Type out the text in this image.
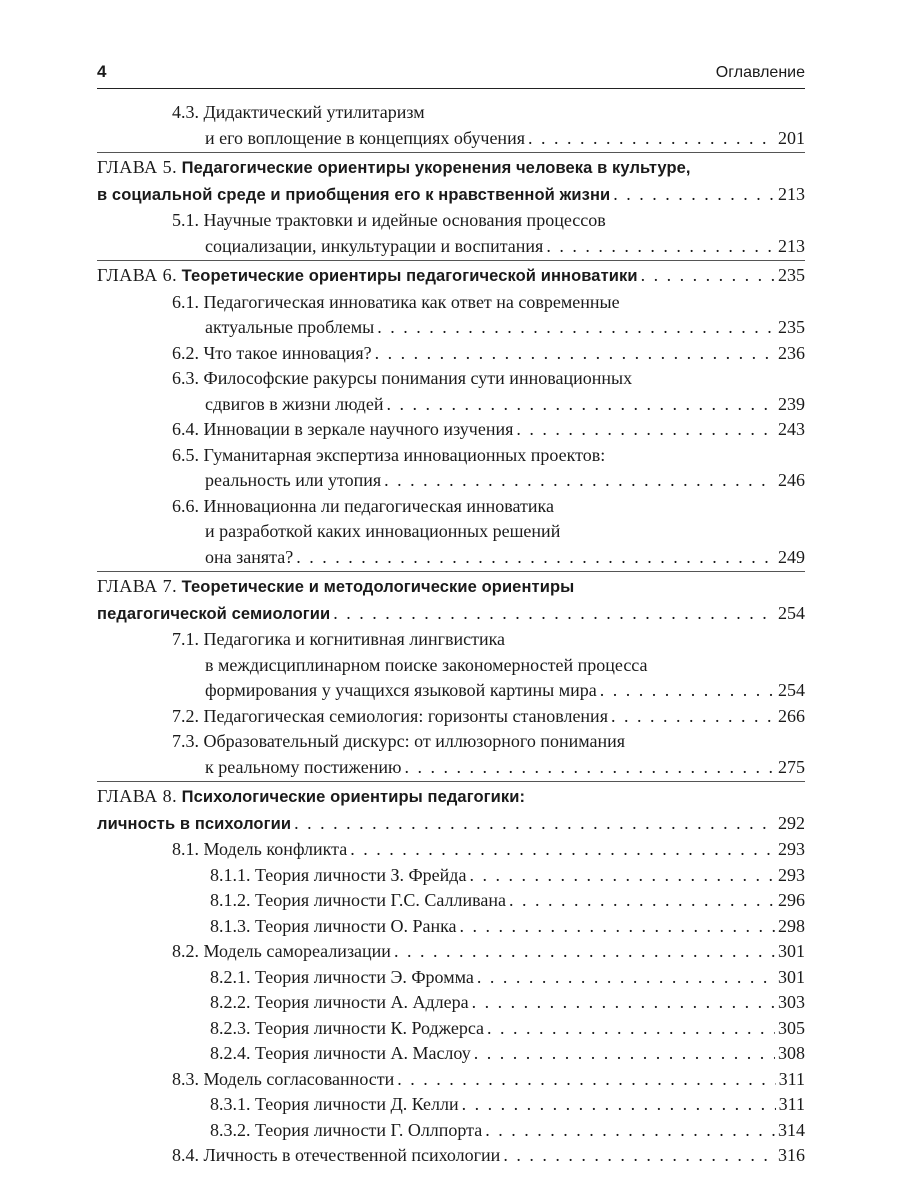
4	Оглавление
4.3. Дидактический утилитаризм
и его воплощение в концепциях обучения . . .	201
ГЛАВА 5. Педагогические ориентиры укоренения человека в культуре,
в социальной среде и приобщения его к нравственной жизни . . .	213
5.1. Научные трактовки и идейные основания процессов
социализации, инкультурации и воспитания . . .	213
ГЛАВА 6. Теоретические ориентиры педагогической инноватики . . .	235
6.1. Педагогическая инноватика как ответ на современные
актуальные проблемы . . .	235
6.2. Что такое инновация? . . .	236
6.3. Философские ракурсы понимания сути инновационных
сдвигов в жизни людей . . .	239
6.4. Инновации в зеркале научного изучения . . .	243
6.5. Гуманитарная экспертиза инновационных проектов:
реальность или утопия . . .	246
6.6. Инновационна ли педагогическая инноватика
и разработкой каких инновационных решений
она занята? . . .	249
ГЛАВА 7. Теоретические и методологические ориентиры
педагогической семиологии . . .	254
7.1. Педагогика и когнитивная лингвистика
в междисциплинарном поиске закономерностей процесса
формирования у учащихся языковой картины мира . . .	254
7.2. Педагогическая семиология: горизонты становления . . .	266
7.3. Образовательный дискурс: от иллюзорного понимания
к реальному постижению . . .	275
ГЛАВА 8. Психологические ориентиры педагогики:
личность в психологии . . .	292
8.1. Модель конфликта . . .	293
8.1.1. Теория личности З. Фрейда . . .	293
8.1.2. Теория личности Г.С. Салливана . . .	296
8.1.3. Теория личности О. Ранка . . .	298
8.2. Модель самореализации . . .	301
8.2.1. Теория личности Э. Фромма . . .	301
8.2.2. Теория личности А. Адлера . . .	303
8.2.3. Теория личности К. Роджерса . . .	305
8.2.4. Теория личности А. Маслоу . . .	308
8.3. Модель согласованности . . .	311
8.3.1. Теория личности Д. Келли . . .	311
8.3.2. Теория личности Г. Оллпорта . . .	314
8.4. Личность в отечественной психологии . . .	316
